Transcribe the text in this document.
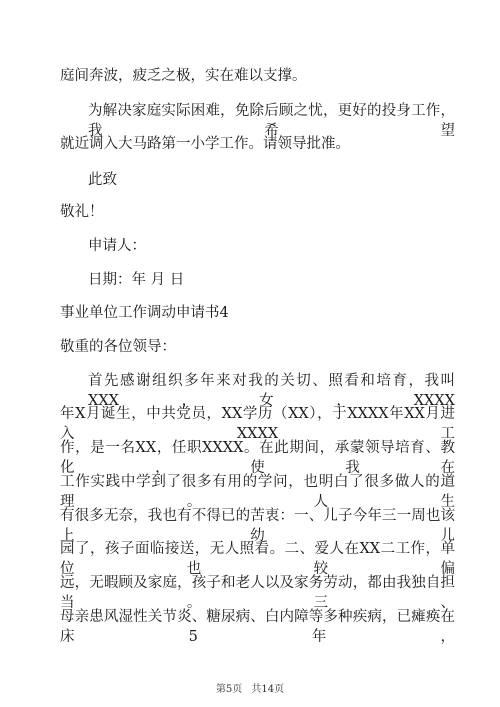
庭间奔波，疲乏之极，实在难以支撑。
为解决家庭实际困难，免除后顾之忧，更好的投身工作，我希望
就近调入大马路第一小学工作。请领导批准。
此致
敬礼！
申请人：
日期：年 月 日
事业单位工作调动申请书4
敬重的各位领导：
首先感谢组织多年来对我的关切、照看和培育，我叫XXX，女，XXXX
年X月诞生，中共党员，XX学历（XX），于XXXX年XX月进入XXXX工
作，是一名XX，任职XXXX。在此期间，承蒙领导培育、教化，使我在
工作实践中学到了很多有用的学问，也明白了很多做人的道理。人生
有很多无奈，我也有不得已的苦衷：一、儿子今年三一周也该上幼儿
园了，孩子面临接送，无人照看。二、爱人在XX二工作，单位也较偏
远，无暇顾及家庭，孩子和老人以及家务劳动，都由我独自担当。三、
母亲患风湿性关节炎、糖尿病、白内障等多种疾病，已瘫痪在床5年，
第5页 共14页
